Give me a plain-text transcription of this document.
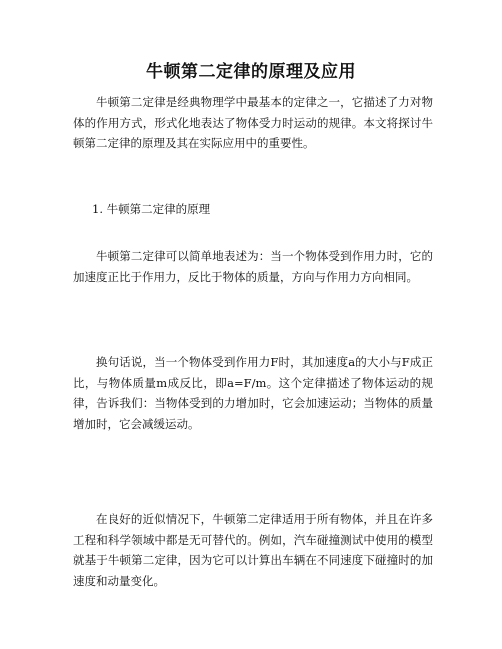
牛顿第二定律的原理及应用

牛顿第二定律是经典物理学中最基本的定律之一，它描述了力对物体的作用方式，形式化地表达了物体受力时运动的规律。本文将探讨牛顿第二定律的原理及其在实际应用中的重要性。

1. 牛顿第二定律的原理

牛顿第二定律可以简单地表述为：当一个物体受到作用力时，它的加速度正比于作用力，反比于物体的质量，方向与作用力方向相同。

换句话说，当一个物体受到作用力F时，其加速度a的大小与F成正比，与物体质量m成反比，即a=F/m。这个定律描述了物体运动的规律，告诉我们：当物体受到的力增加时，它会加速运动；当物体的质量增加时，它会减缓运动。

在良好的近似情况下，牛顿第二定律适用于所有物体，并且在许多工程和科学领域中都是无可替代的。例如，汽车碰撞测试中使用的模型就基于牛顿第二定律，因为它可以计算出车辆在不同速度下碰撞时的加速度和动量变化。
